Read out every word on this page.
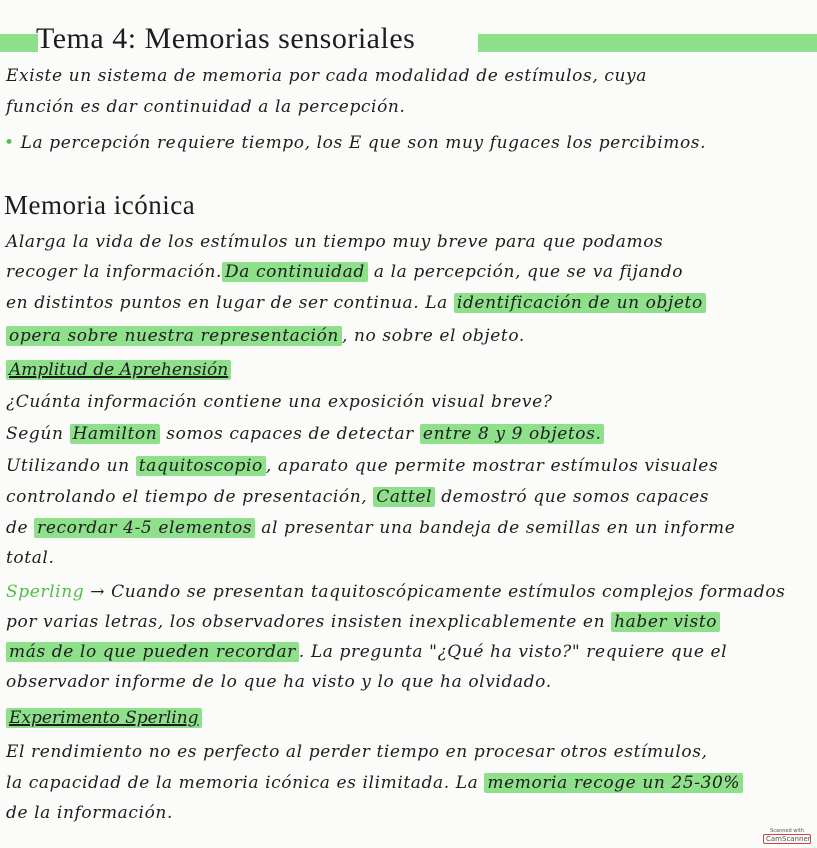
Tema 4: Memorias sensoriales
Existe un sistema de memoria por cada modalidad de estímulos, cuya
función es dar continuidad a la percepción.
• La percepción requiere tiempo, los E que son muy fugaces los percibimos.
Memoria icónica
Alarga la vida de los estímulos un tiempo muy breve para que podamos
recoger la información. Da continuidad a la percepción, que se va fijando
en distintos puntos en lugar de ser continua. La identificación de un objeto
opera sobre nuestra representación , no sobre el objeto.
Amplitud de Aprehensión
¿Cuánta información contiene una exposición visual breve?
Según Hamilton somos capaces de detectar entre 8 y 9 objetos.
Utilizando un taquitoscopio , aparato que permite mostrar estímulos visuales
controlando el tiempo de presentación, Cattel demostró que somos capaces
de recordar 4-5 elementos al presentar una bandeja de semillas en un informe
total.
Sperling → Cuando se presentan taquitoscópicamente estímulos complejos formados
por varias letras, los observadores insisten inexplicablemente en haber visto
más de lo que pueden recordar . La pregunta "¿Qué ha visto?" requiere que el
observador informe de lo que ha visto y lo que ha olvidado.
Experimento Sperling
El rendimiento no es perfecto al perder tiempo en procesar otros estímulos,
la capacidad de la memoria icónica es ilimitada. La memoria recoge un 25-30%
de la información.
Scanned with
CamScanner
